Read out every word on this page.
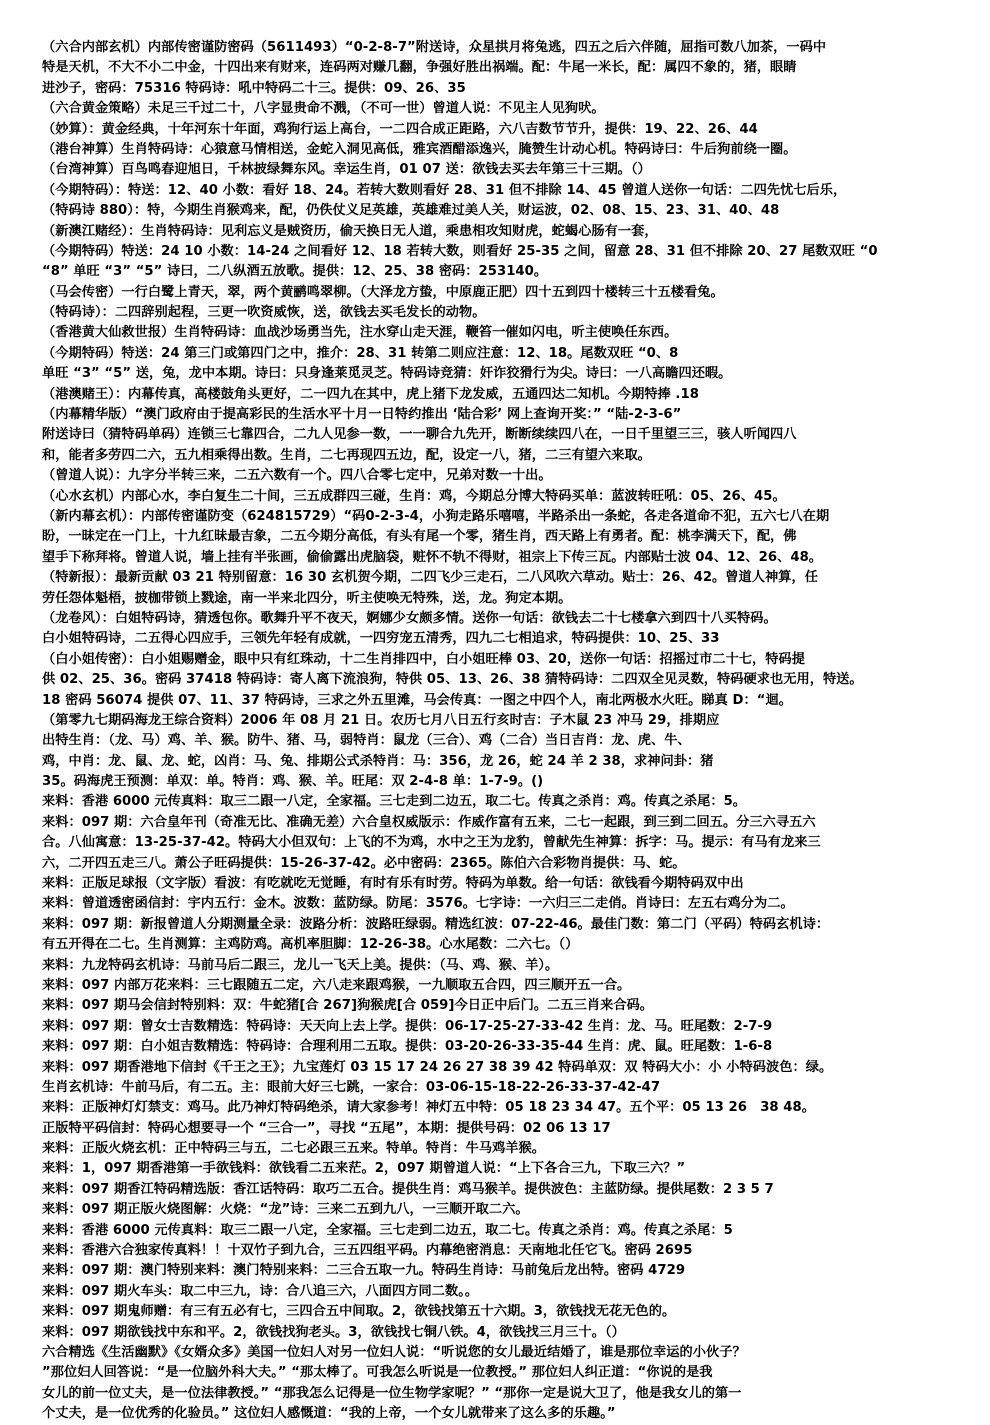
（六合内部玄机）内部传密谨防密码（5611493）“0-2-8-7”附送诗，众星拱月将兔逃，四五之后六伴随，屈指可数八加茶，一码中
特是天机，不大不小二中金，十四出来有财来，连码两对赚几翻，争强好胜出祸端。配：牛尾一米长，配：属四不象的，猪，眼睛
进沙子，密码：75316 特码诗：吼中特码二十三。提供：09、26、35
（六合黄金策略）未足三千过二十，八字显贵命不溅，（不可一世）曾道人说：不见主人见狗吠。
（妙算）：黄金经典，十年河东十年面，鸡狗行运上高台，一二四合成正距路，六八吉数节节升，提供：19、22、26、44
（港台神算）生肖特码诗：心猿意马情相送，金蛇入洞见高低，雅宾酒醋添逸兴，腌赞生计动心机。特码诗曰：牛后狗前绕一圈。
（台湾神算）百鸟鸣春迎旭日，千林披绿舞东风。幸运生肖，01 07 送：欲钱去买去年第三十三期。（）
（今期特码）：特送：12、40 小数：看好 18、24。若转大数则看好 28、31 但不排除 14、45 曾道人送你一句话：二四先忧七后乐，
（特码诗 880）：特，今期生肖猴鸡来，配，仍佚仗义足英雄，英雄难过美人关，财运波，02、08、15、23、31、40、48
（新澳江赌经）：生肖特码诗：见利忘义是贼资历，偷天换日无人道，乘患相攻知财虎，蛇蝎心肠有一套，
（今期特码）特送：24 10 小数：14-24 之间看好 12、18 若转大数，则看好 25-35 之间，留意 28、31 但不排除 20、27 尾数双旺 “0
“8” 单旺 “3” “5” 诗曰，二八纵酒五放歌。提供：12、25、38 密码：253140。
（马会传密）一行白鹭上青天，翠，两个黄鹂鸣翠柳。（大泽龙方蛰，中原鹿正肥）四十五到四十楼转三十五楼看兔。
（特码诗）：二四辞别起程，三更一吹资威恢，送，欲钱去买毛发长的动物。
（香港黄大仙救世报）生肖特码诗：血战沙场勇当先，注水穿山走天涯，鞭笞一催如闪电，听主使唤任东西。
（今期特码）特送：24 第三门或第四门之中，推介：28、31 转第二则应注意：12、18。尾数双旺 “0、8
单旺 “3” “5” 送，兔，龙中本期。诗曰：只身逢莱觅灵芝。特码诗竞猜：奸诈狡猾行为尖。诗曰：一八高瞻四还暇。
（港澳赌王）：内幕传真，高楼鼓角头更好，二一四九在其中，虎上猪下龙发威，五通四达二知机。今期特捧 .18
（内幕精华版）“澳门政府由于提高彩民的生活水平十月一日特约推出 ‘陆合彩’ 网上查询开奖：” “陆-2-3-6”
附送诗曰（猜特码单码）连锁三七靠四合，二九人见参一数，一一聊合九先开，断断续续四八在，一日千里望三三，骇人听闻四八
和，能者多劳四二六，五九相乘得出数。生肖，二七再现四五边，配，设定一八，猪，二三有望六来取。
（曾道人说）：九字分半转三来，二五六数有一个。四八合零七定中，兄弟对数一十出。
（心水玄机）内部心水，李白复生二十间，三五成群四三碰，生肖：鸡，今期总分博大特码买单：蓝波转旺吼：05、26、45。
（新内幕玄机）：内部传密谨防变（624815729）“码0-2-3-4，小狗走路乐嘻嘻，半路杀出一条蛇，各走各道命不犯，五六七八在期
盼，一昧定在一门上，十九红昧最吉象，二五今期分高低，有头有尾一个零，猪生肖，西天路上有勇者。配：桃李满天下，配，佛
望手下称拜将。曾道人说，墙上挂有半张画，偷偷露出虎脑袋，赃怀不轨不得财，祖宗上下传三瓦。内部贴士波 04、12、26、48。
（特新报）：最新贡献 03 21 特别留意：16 30 玄机贺今期，二四飞少三走石，二八风吹六草动。贴士：26、42。曾道人神算，任
劳任怨体魁梧，披枷带锁上戮途，南一半来北四分，听主使唤无特殊，送，龙。狗定本期。
（龙卷风）：白姐特码诗，猜透包你。歌舞升平不夜天，婀娜少女颇多情。送你一句话：欲钱去二十七楼拿六到四十八买特码。
白小姐特码诗，二五得心四应手，三领先年轻有成就，一四穷宠五清秀，四九二七相追求，特码提供：10、25、33
（白小姐传密）：白小姐赐赠金，眼中只有红珠动，十二生肖排四中，白小姐旺棒 03、20，送你一句话：招摇过市二十七，特码提
供 02、25、36。密码 37418 特码诗：寄人离下流浪狗，特供 05、13、26、38 猜特码诗：二四双全见灵数，特码硬求也无用，特送。
18 密码 56074 提供 07、11、37 特码诗，三求之外五里滩，马会传真：一图之中四个人，南北两极水火旺。睇真 D：“迴。
（第零九七期码海龙王综合资料）2006 年 08 月 21 日。农历七月八日五行亥时吉：子木鼠 23 冲马 29，排期应
出特生肖：（龙、马）鸡、羊、猴。防牛、猪、马，弱特肖：鼠龙（三合）、鸡（二合）当日吉肖：龙、虎、牛、
鸡，中肖：龙、鼠、龙、蛇，凶肖：马、兔、排期公式杀特肖：马：356，龙 26，蛇 24 羊 2 38，求神问卦：猪
35。码海虎王预测：单双：单。特肖：鸡、猴、羊。旺尾：双 2-4-8 单：1-7-9。()
来料：香港 6000 元传真料：取三二跟一八定，全家福。三七走到二边五，取二七。传真之杀肖：鸡。传真之杀尾：5。
来料：097 期：六合皇年刊（奇准无比、准确无差）六合皇权威版示：作威作富有五来，二七一起跟，到三到二回五。分三六寻五六
合。八仙寓意：13-25-37-42。特码大小但双句：上飞的不为鸡，水中之王为龙豹，曾献先生神算：拆字：马。提示：有马有龙来三
六，二开四五走三八。萧公子旺码提供：15-26-37-42。必中密码：2365。陈伯六合彩物肖提供：马、蛇。
来料：正版足球报（文字版）看波：有吃就吃无觉睡，有时有乐有时劳。特码为单数。给一句话：欲钱看今期特码双中出
来料：曾道透密函信封：宇内五行：金木。波数：蓝防绿。防尾：3576。七字诗：一六归三二走俏。肖诗曰：左五右鸡分为二。
来料：097 期：新报曾道人分期测量全录：波路分析：波路旺绿弱。精选红波：07-22-46。最佳门数：第二门（平码）特码玄机诗：
有五开得在二七。生肖测算：主鸡防鸡。高机率胆脚：12-26-38。心水尾数：二六七。（）
来料：九龙特码玄机诗：马前马后二跟三，龙儿一飞天上美。提供：（马、鸡、猴、羊）。
来料：097 内部万花来料：三七跟随五二定，六八走来跟鸡猴，一九顺取五合四，四三顺开五一合。
来料：097 期马会信封特别料：双：牛蛇猪[合 267]狗猴虎[合 059]今日正中后门。二五三肖来合码。
来料：097 期：曾女士吉数精选：特码诗：天天向上去上学。提供：06-17-25-27-33-42 生肖：龙、马。旺尾数：2-7-9
来料：097 期：白小姐吉数精选：特码诗：合理利用二五取。提供：03-20-26-33-35-44 生肖：虎、鼠。旺尾数：1-6-8
来料：097 期香港地下信封《千王之王》；九宝莲灯 03 15 17 24 26 27 38 39 42 特码单双：双 特码大小：小 小特码波色：绿。
生肖玄机诗：牛前马后，有二五。主：眼前大好三七跳，一家合：03-06-15-18-22-26-33-37-42-47
来料：正版神灯灯禁支：鸡马。此乃神灯特码绝杀，请大家参考！神灯五中特：05 18 23 34 47。五个平：05 13 26　38 48。
正版特平码信封：特码心想要寻一个 “三合一”，寻找 “五尾”，本期：提供号码：02 06 13 17
来料：正版火烧玄机：正中特码三与五，二七必跟三五来。特单。特肖：牛马鸡羊猴。
来料：1，097 期香港第一手欲钱料：欲钱看二五来茫。2，097 期曾道人说：“上下各合三九，下取三六？”
来料：097 期香江特码精选版：香江话特码：取巧二五合。提供生肖：鸡马猴羊。提供波色：主蓝防绿。提供尾数：2 3 5 7
来料：097 期正版火烧图解：火烧：“龙”诗：三来二五到九八，一三顺开取二六。
来料：香港 6000 元传真料：取三二跟一八定，全家福。三七走到二边五，取二七。传真之杀肖：鸡。传真之杀尾：5
来料：香港六合独家传真料！！十双竹子到九合，三五四组平码。内幕绝密消息：天南地北任它飞。密码 2695
来料：097 期：澳门特别来料：澳门特别来料：二三合五取一九。特码生肖诗：马前兔后龙出特。密码 4729
来料：097 期火车头：取二中三九，诗：合八追三六，八面四方同二数。。
来料：097 期鬼师赠：有三有五必有七，三四合五中间取。2，欲钱找第五十六期。3，欲钱找无花无色的。
来料：097 期欲钱找中东和平。2，欲钱找狗老头。3，欲钱找七铜八铁。4，欲钱找三月三十。（）
六合精选《生活幽默》《女婿众多》美国一位妇人对另一位妇人说：“听说您的女儿最近结婚了，谁是那位幸运的小伙子？
”那位妇人回答说：“是一位脑外科大夫。” “那太棒了。可我怎么听说是一位教授。” 那位妇人纠正道：“你说的是我
女儿的前一位丈夫，是一位法律教授。” “那我怎么记得是一位生物学家呢？” “那你一定是说大卫了，他是我女儿的第一
个丈夫，是一位优秀的化验员。” 这位妇人感慨道：“我的上帝，一个女儿就带来了这么多的乐趣。”
